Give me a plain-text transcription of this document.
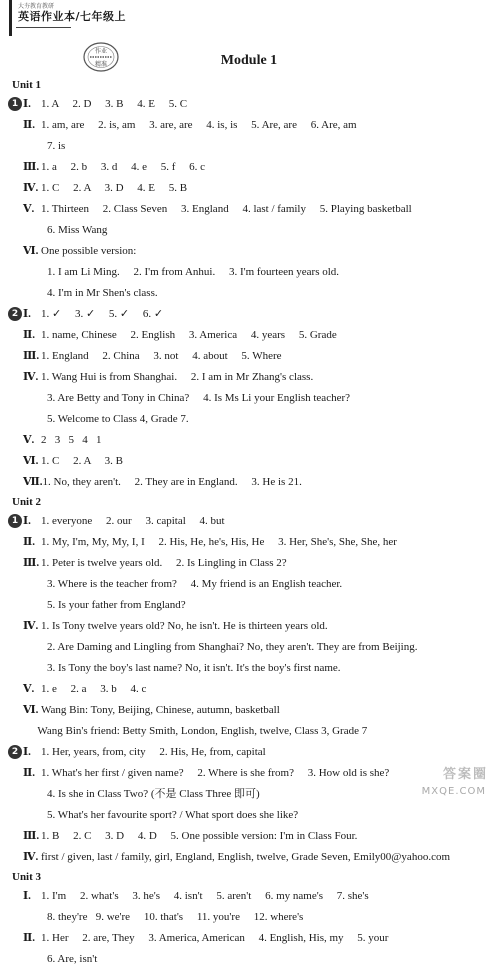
大夯教育教研
英语作业本/七年级上
作业
精准	Module 1
Unit 1
1 Ⅰ. 1. A     2. D     3. B     4. E     5. C
Ⅱ. 1. am, are     2. is, am     3. are, are     4. is, is     5. Are, are     6. Are, am
7. is
Ⅲ. 1. a     2. b     3. d     4. e     5. f     6. c
Ⅳ. 1. C     2. A     3. D     4. E     5. B
Ⅴ. 1. Thirteen     2. Class Seven     3. England     4. last / family     5. Playing basketball
6. Miss Wang
Ⅵ. One possible version:
1. I am Li Ming.     2. I'm from Anhui.     3. I'm fourteen years old.
4. I'm in Mr Shen's class.
2 Ⅰ. 1. ✓     3. ✓     5. ✓     6. ✓
Ⅱ. 1. name, Chinese     2. English     3. America     4. years     5. Grade
Ⅲ. 1. England     2. China     3. not     4. about     5. Where
Ⅳ. 1. Wang Hui is from Shanghai.     2. I am in Mr Zhang's class.
3. Are Betty and Tony in China?     4. Is Ms Li your English teacher?
5. Welcome to Class 4, Grade 7.
Ⅴ. 2   3   5   4   1
Ⅵ. 1. C     2. A     3. B
Ⅶ.1. No, they aren't.     2. They are in England.     3. He is 21.
Unit 2
1 Ⅰ. 1. everyone     2. our     3. capital     4. but
Ⅱ. 1. My, I'm, My, My, I, I     2. His, He, he's, His, He     3. Her, She's, She, She, her
Ⅲ. 1. Peter is twelve years old.     2. Is Lingling in Class 2?
3. Where is the teacher from?     4. My friend is an English teacher.
5. Is your father from England?
Ⅳ. 1. Is Tony twelve years old? No, he isn't. He is thirteen years old.
2. Are Daming and Lingling from Shanghai? No, they aren't. They are from Beijing.
3. Is Tony the boy's last name? No, it isn't. It's the boy's first name.
Ⅴ. 1. e     2. a     3. b     4. c
Ⅵ. Wang Bin: Tony, Beijing, Chinese, autumn, basketball
Wang Bin's friend: Betty Smith, London, English, twelve, Class 3, Grade 7
2 Ⅰ. 1. Her, years, from, city     2. His, He, from, capital
Ⅱ. 1. What's her first / given name?     2. Where is she from?     3. How old is she?
4. Is she in Class Two? (不是 Class Three 即可)
5. What's her favourite sport? / What sport does she like?
Ⅲ. 1. B     2. C     3. D     4. D     5. One possible version: I'm in Class Four.
Ⅳ. first / given, last / family, girl, England, English, twelve, Grade Seven, Emily00@yahoo.com
Unit 3
Ⅰ. 1. I'm     2. what's     3. he's     4. isn't     5. aren't     6. my name's     7. she's
8. they're   9. we're     10. that's     11. you're     12. where's
Ⅱ. 1. Her     2. are, They     3. America, American     4. English, His, my     5. your
6. Are, isn't
答案圈
MXQE.COM
